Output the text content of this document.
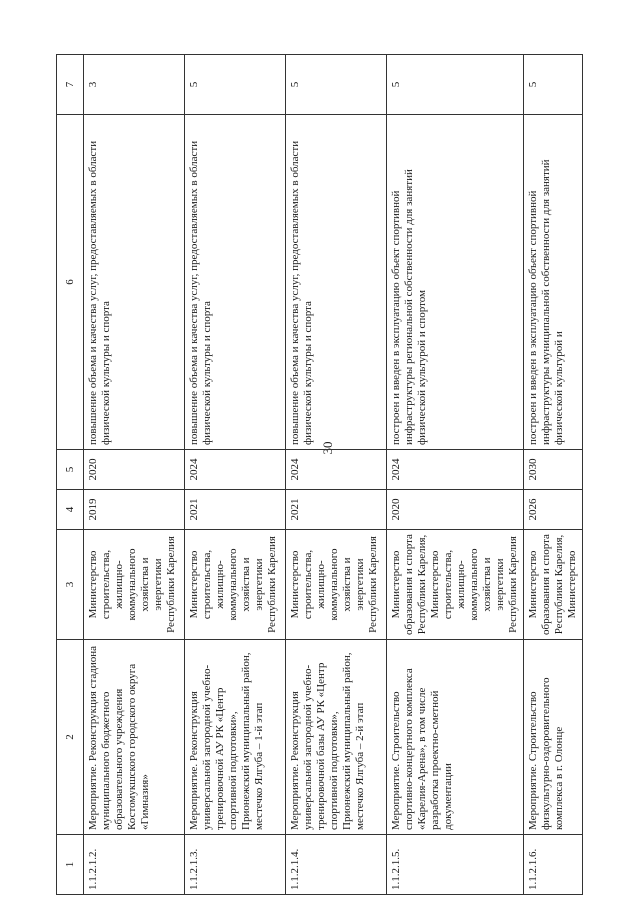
30
1	2	3	4	5	6	7
1.1.2.1.2.	Мероприятие. Реконструкция стадиона муниципального бюджетного образовательного учреждения Костомукшского городского округа «Гимназия»	Министерство строительства, жилищно-коммунального хозяйства и энергетики Республики Карелия	2019	2020	повышение объема и качества услуг, предоставляемых в области физической культуры и спорта	3
1.1.2.1.3.	Мероприятие. Реконструкция универсальной загородной учебно-тренировочной АУ РК «Центр спортивной подготовки», Прионежский муниципальный район, местечко Ялгуба – 1-й этап	Министерство строительства, жилищно-коммунального хозяйства и энергетики Республики Карелия	2021	2024	повышение объема и качества услуг, предоставляемых в области физической культуры и спорта	5
1.1.2.1.4.	Мероприятие. Реконструкция универсальной загородной учебно-тренировочной базы АУ РК «Центр спортивной подготовки», Прионежский муниципальный район, местечко Ялгуба – 2-й этап	Министерство строительства, жилищно-коммунального хозяйства и энергетики Республики Карелия	2021	2024	повышение объема и качества услуг, предоставляемых в области физической культуры и спорта	5
1.1.2.1.5.	Мероприятие. Строительство спортивно-концертного комплекса «Карелия-Арена», в том числе разработка проектно-сметной документации	Министерство образования и спорта Республики Карелия, Министерство строительства, жилищно-коммунального хозяйства и энергетики Республики Карелия	2020	2024	построен и введен в эксплуатацию объект спортивной инфраструктуры региональной собственности для занятий физической культурой и спортом	5
1.1.2.1.6.	Мероприятие. Строительство физкультурно-оздоровительного комплекса в г. Олонце	Министерство образования и спорта Республики Карелия, Министерство	2026	2030	построен и введен в эксплуатацию объект спортивной инфраструктуры муниципальной собственности для занятий физической культурой и	5
